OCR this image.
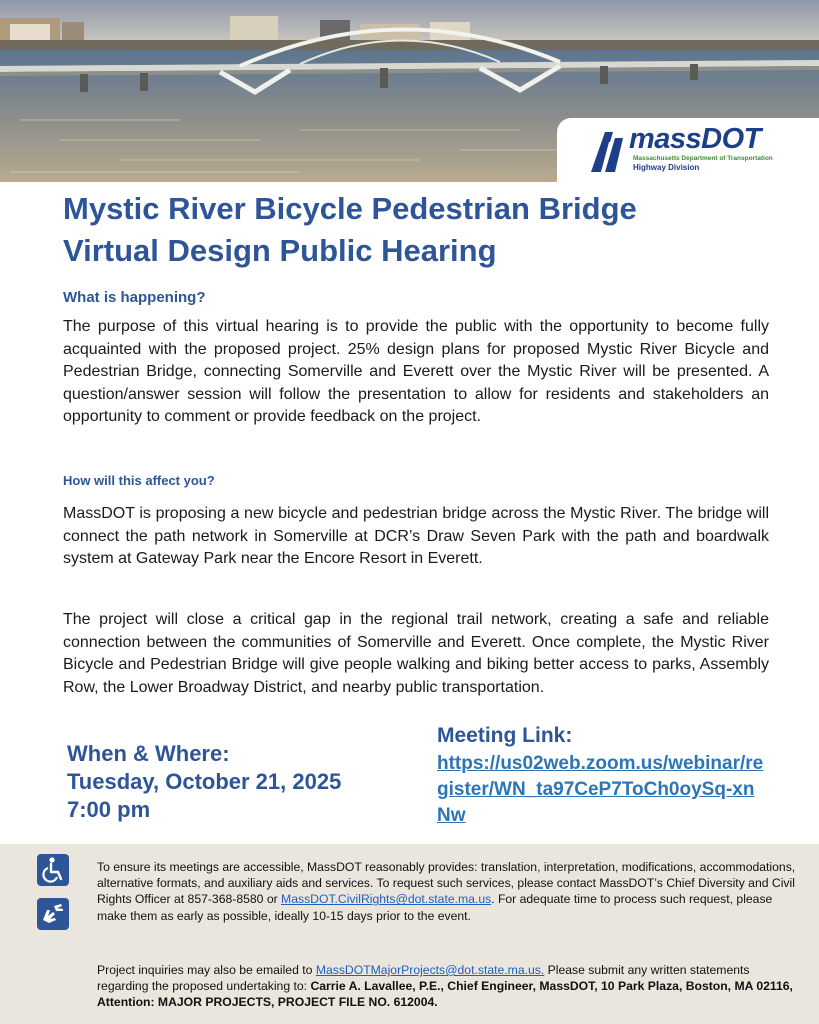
massDOT
Massachusetts Department of Transportation
Highway Division
Mystic River Bicycle Pedestrian Bridge
Virtual Design Public Hearing
What is happening?

The purpose of this virtual hearing is to provide the public with the opportunity to become fully acquainted with the proposed project. 25% design plans for proposed Mystic River Bicycle and Pedestrian Bridge, connecting Somerville and Everett over the Mystic River will be presented. A question/answer session will follow the presentation to allow for residents and stakeholders an opportunity to comment or provide feedback on the project.

How will this affect you?

MassDOT is proposing a new bicycle and pedestrian bridge across the Mystic River. The bridge will connect the path network in Somerville at DCR’s Draw Seven Park with the path and boardwalk system at Gateway Park near the Encore Resort in Everett.

The project will close a critical gap in the regional trail network, creating a safe and reliable connection between the communities of Somerville and Everett. Once complete, the Mystic River Bicycle and Pedestrian Bridge will give people walking and biking better access to parks, Assembly Row, the Lower Broadway District, and nearby public transportation.

When & Where:
Tuesday, October 21, 2025
7:00 pm
Meeting Link:
https://us02web.zoom.us/webinar/register/WN_ta97CeP7ToCh0oySq-xnNw

To ensure its meetings are accessible, MassDOT reasonably provides: translation, interpretation, modifications, accommodations, alternative formats, and auxiliary aids and services. To request such services, please contact MassDOT’s Chief Diversity and Civil Rights Officer at 857-368-8580 or MassDOT.CivilRights@dot.state.ma.us. For adequate time to process such request, please make them as early as possible, ideally 10-15 days prior to the event.

Project inquiries may also be emailed to MassDOTMajorProjects@dot.state.ma.us. Please submit any written statements regarding the proposed undertaking to: Carrie A. Lavallee, P.E., Chief Engineer, MassDOT, 10 Park Plaza, Boston, MA 02116, Attention: MAJOR PROJECTS, PROJECT FILE NO. 612004.
